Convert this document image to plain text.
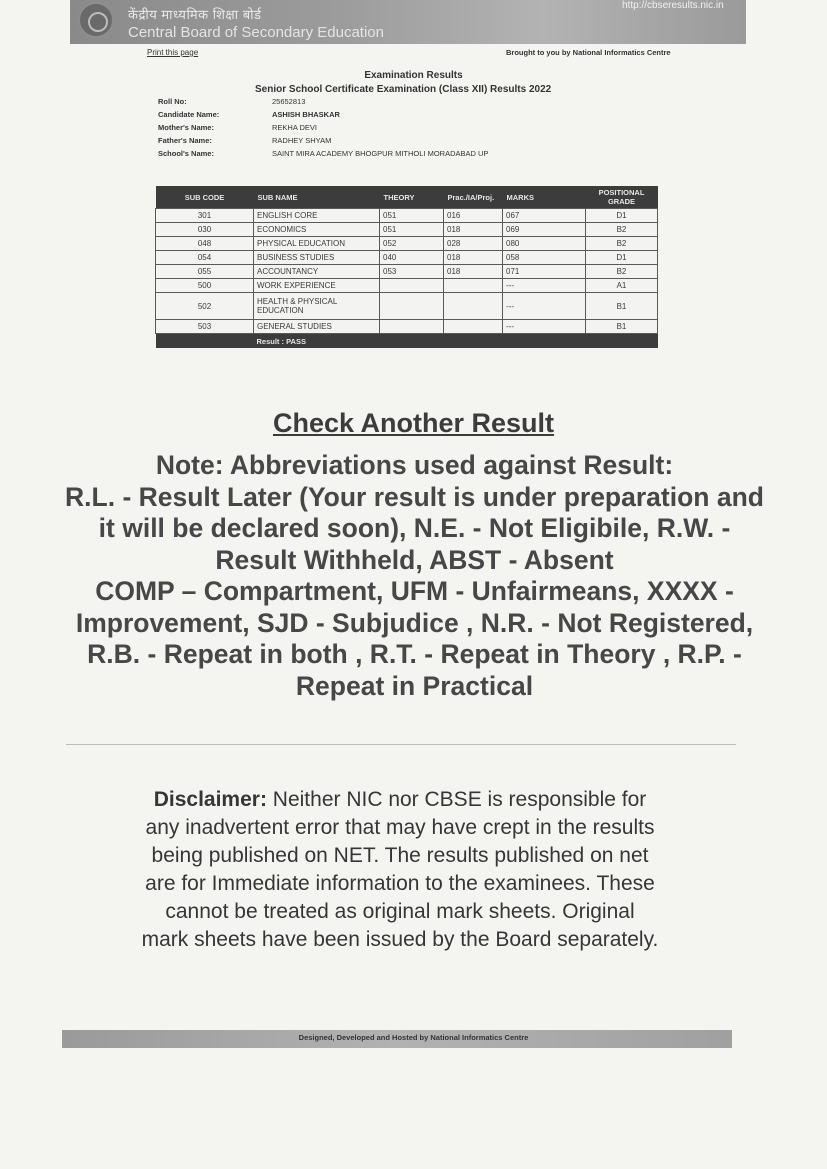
केंद्रीय माध्यमिक शिक्षा बोर्ड
Central Board of Secondary Education
http://cbseresults.nic.in
Print this page	Brought to you by National Informatics Centre
Examination Results
Senior School Certificate Examination (Class XII) Results 2022
Roll No:	25652813
Candidate Name:	ASHISH BHASKAR
Mother's Name:	REKHA DEVI
Father's Name:	RADHEY SHYAM
School's Name:	SAINT MIRA ACADEMY BHOGPUR MITHOLI MORADABAD UP
SUB CODE	SUB NAME	THEORY	Prac./IA/Proj.	MARKS	POSITIONAL GRADE
301	ENGLISH CORE	051	016	067	D1
030	ECONOMICS	051	018	069	B2
048	PHYSICAL EDUCATION	052	028	080	B2
054	BUSINESS STUDIES	040	018	058	D1
055	ACCOUNTANCY	053	018	071	B2
500	WORK EXPERIENCE			---	A1
502	HEALTH & PHYSICAL EDUCATION			---	B1
503	GENERAL STUDIES			---	B1
	Result : PASS				
Check Another Result
Note: Abbreviations used against Result:
R.L. - Result Later (Your result is under preparation and it will be declared soon), N.E. - Not Eligibile, R.W. - Result Withheld, ABST - Absent
COMP – Compartment, UFM - Unfairmeans, XXXX - Improvement, SJD - Subjudice , N.R. - Not Registered, R.B. - Repeat in both , R.T. - Repeat in Theory , R.P. - Repeat in Practical
Disclaimer: Neither NIC nor CBSE is responsible for any inadvertent error that may have crept in the results being published on NET. The results published on net are for Immediate information to the examinees. These cannot be treated as original mark sheets. Original mark sheets have been issued by the Board separately.
Designed, Developed and Hosted by National Informatics Centre
